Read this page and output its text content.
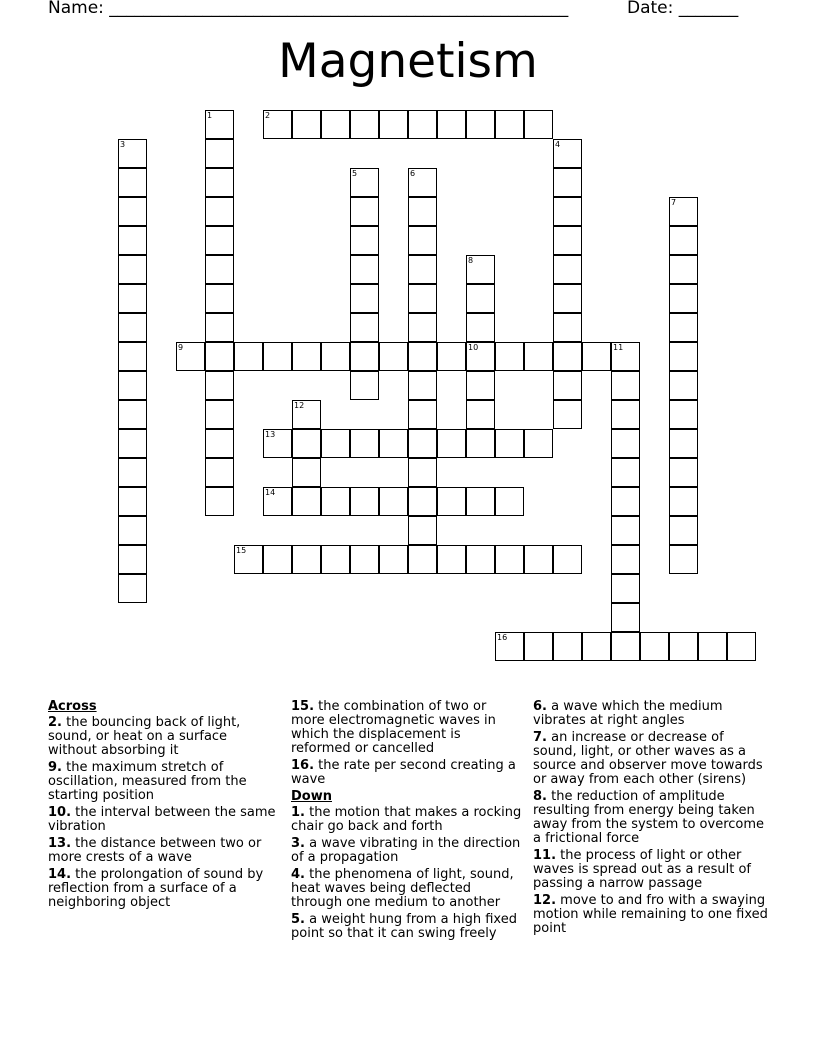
Name: ______________________________________________________	Date: _______
Magnetism
1	2
3	4
5	6
7
8
10
9	11
12
13
14
15
16
Across
2. the bouncing back of light, sound, or heat on a surface without absorbing it
9. the maximum stretch of oscillation, measured from the starting position
10. the interval between the same vibration
13. the distance between two or more crests of a wave
14. the prolongation of sound by reflection from a surface of a neighboring object
15. the combination of two or more electromagnetic waves in which the displacement is reformed or cancelled
16. the rate per second creating a wave
Down
1. the motion that makes a rocking chair go back and forth
3. a wave vibrating in the direction of a propagation
4. the phenomena of light, sound, heat waves being deflected through one medium to another
5. a weight hung from a high fixed point so that it can swing freely
6. a wave which the medium vibrates at right angles
7. an increase or decrease of sound, light, or other waves as a source and observer move towards or away from each other (sirens)
8. the reduction of amplitude resulting from energy being taken away from the system to overcome a frictional force
11. the process of light or other waves is spread out as a result of passing a narrow passage
12. move to and fro with a swaying motion while remaining to one fixed point
